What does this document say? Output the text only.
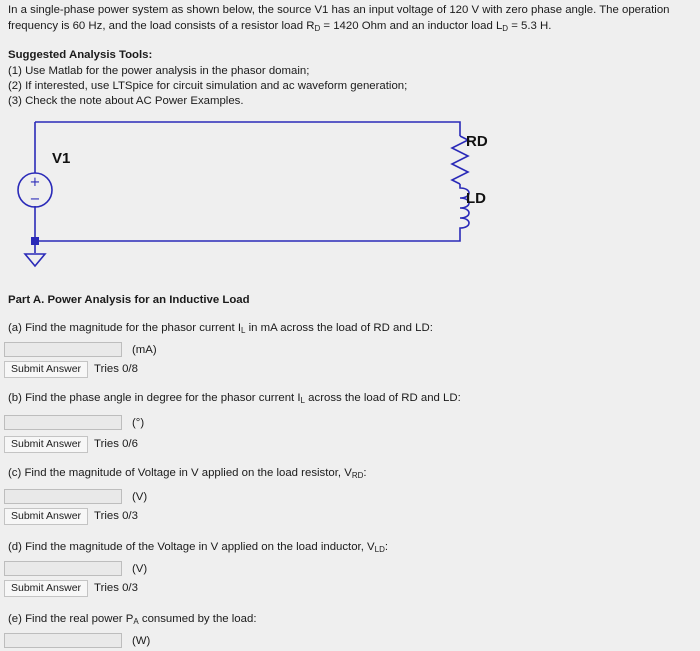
In a single-phase power system as shown below, the source V1 has an input voltage of 120 V with zero phase angle. The operation frequency is 60 Hz, and the load consists of a resistor load $R_D = 1420$ Ohm and an inductor load $L_D = 5.3$ H.
Suggested Analysis Tools:
(1) Use Matlab for the power analysis in the phasor domain;
(2) If interested, use LTSpice for circuit simulation and ac waveform generation;
(3) Check the note about AC Power Examples.
+
−
V1
RD
LD
Part A. Power Analysis for an Inductive Load
(a) Find the magnitude for the phasor current $I_L$ in mA across the load of RD and LD:
(mA)
Submit Answer	Tries 0/8
(b) Find the phase angle in degree for the phasor current $I_L$ across the load of RD and LD:
(°)
Submit Answer	Tries 0/6
(c) Find the magnitude of Voltage in V applied on the load resistor, $V_{RD}$:
(V)
Submit Answer	Tries 0/3
(d) Find the magnitude of the Voltage in V applied on the load inductor, $V_{LD}$:
(V)
Submit Answer	Tries 0/3
(e) Find the real power $P_A$ consumed by the load:
(W)
